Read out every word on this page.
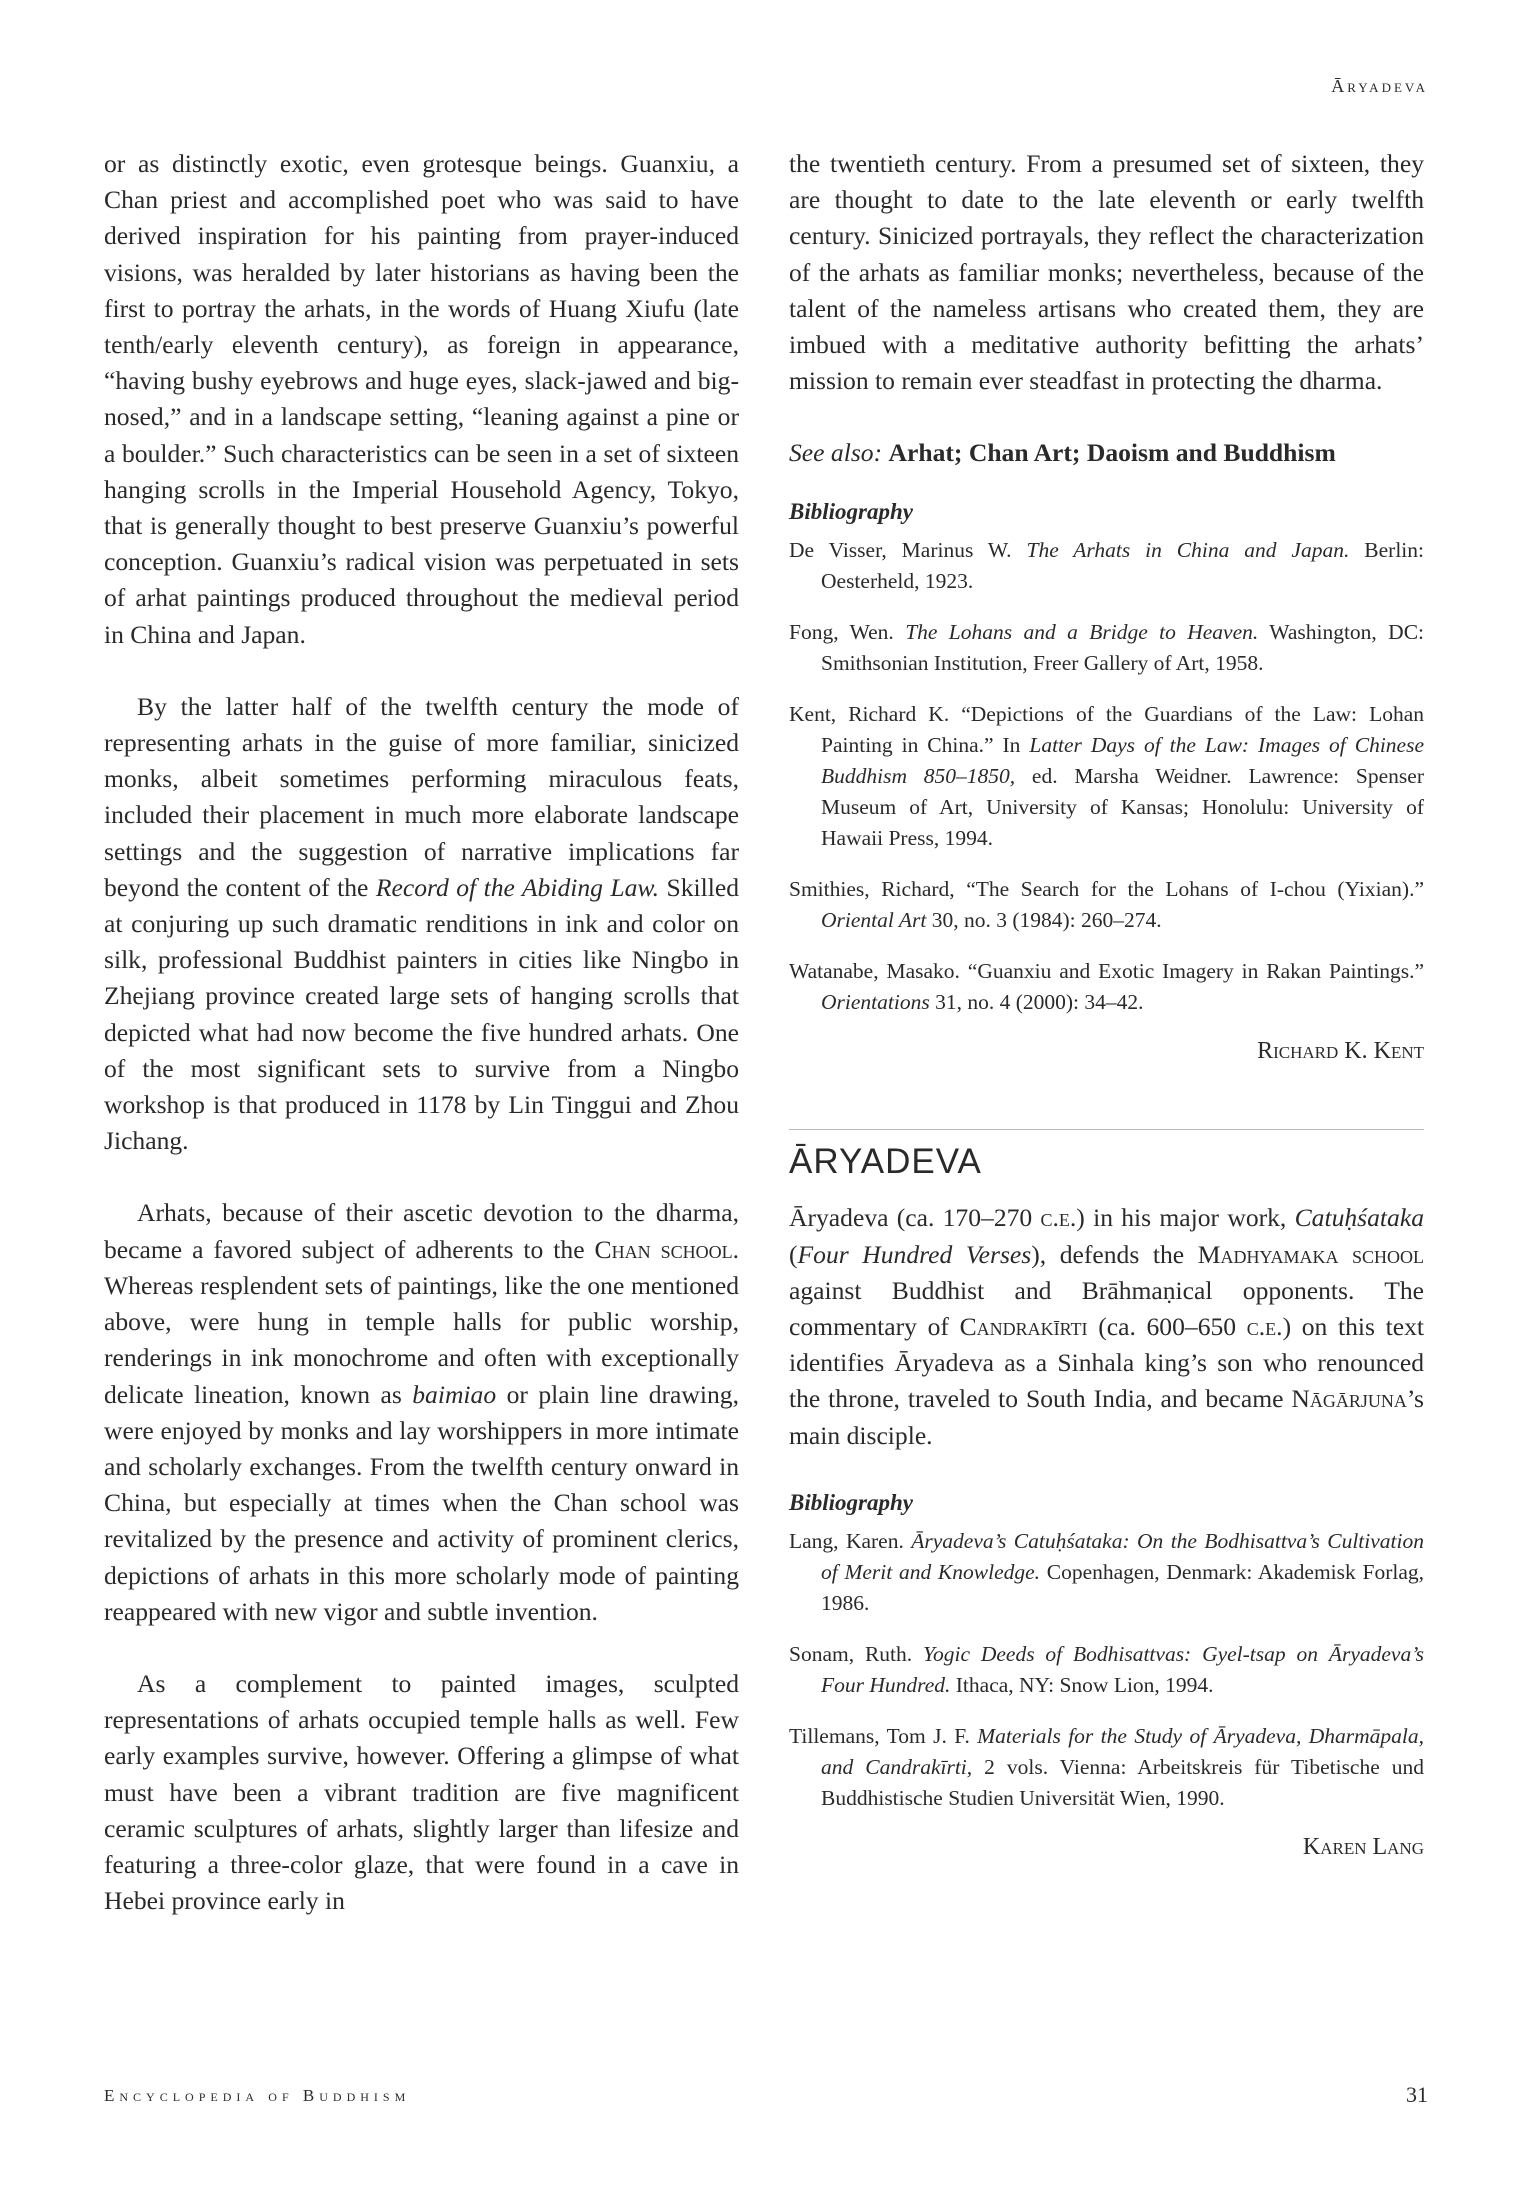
Āryadeva

or as distinctly exotic, even grotesque beings. Guanxiu, a Chan priest and accomplished poet who was said to have derived inspiration for his painting from prayer-induced visions, was heralded by later historians as having been the first to portray the arhats, in the words of Huang Xiufu (late tenth/early eleventh century), as foreign in appearance, “having bushy eyebrows and huge eyes, slack-jawed and big-nosed,” and in a landscape setting, “leaning against a pine or a boulder.” Such characteristics can be seen in a set of sixteen hanging scrolls in the Imperial Household Agency, Tokyo, that is generally thought to best preserve Guanxiu’s powerful conception. Guanxiu’s radical vision was perpetuated in sets of arhat paintings produced throughout the medieval period in China and Japan.

By the latter half of the twelfth century the mode of representing arhats in the guise of more familiar, sinicized monks, albeit sometimes performing miraculous feats, included their placement in much more elaborate landscape settings and the suggestion of narrative implications far beyond the content of the Record of the Abiding Law. Skilled at conjuring up such dramatic renditions in ink and color on silk, professional Buddhist painters in cities like Ningbo in Zhejiang province created large sets of hanging scrolls that depicted what had now become the five hundred arhats. One of the most significant sets to survive from a Ningbo workshop is that produced in 1178 by Lin Tinggui and Zhou Jichang.

Arhats, because of their ascetic devotion to the dharma, became a favored subject of adherents to the Chan school. Whereas resplendent sets of paintings, like the one mentioned above, were hung in temple halls for public worship, renderings in ink monochrome and often with exceptionally delicate lineation, known as baimiao or plain line drawing, were enjoyed by monks and lay worshippers in more intimate and scholarly exchanges. From the twelfth century onward in China, but especially at times when the Chan school was revitalized by the presence and activity of prominent clerics, depictions of arhats in this more scholarly mode of painting reappeared with new vigor and subtle invention.

As a complement to painted images, sculpted representations of arhats occupied temple halls as well. Few early examples survive, however. Offering a glimpse of what must have been a vibrant tradition are five magnificent ceramic sculptures of arhats, slightly larger than lifesize and featuring a three-color glaze, that were found in a cave in Hebei province early in

the twentieth century. From a presumed set of sixteen, they are thought to date to the late eleventh or early twelfth century. Sinicized portrayals, they reflect the characterization of the arhats as familiar monks; nevertheless, because of the talent of the nameless artisans who created them, they are imbued with a meditative authority befitting the arhats’ mission to remain ever steadfast in protecting the dharma.

See also: Arhat; Chan Art; Daoism and Buddhism
Bibliography

De Visser, Marinus W. The Arhats in China and Japan. Berlin: Oesterheld, 1923.

Fong, Wen. The Lohans and a Bridge to Heaven. Washington, DC: Smithsonian Institution, Freer Gallery of Art, 1958.

Kent, Richard K. “Depictions of the Guardians of the Law: Lohan Painting in China.” In Latter Days of the Law: Images of Chinese Buddhism 850–1850, ed. Marsha Weidner. Lawrence: Spenser Museum of Art, University of Kansas; Honolulu: University of Hawaii Press, 1994.

Smithies, Richard, “The Search for the Lohans of I-chou (Yixian).” Oriental Art 30, no. 3 (1984): 260–274.

Watanabe, Masako. “Guanxiu and Exotic Imagery in Rakan Paintings.” Orientations 31, no. 4 (2000): 34–42.

Richard K. Kent
ĀRYADEVA

Āryadeva (ca. 170–270 c.e.) in his major work, Catuḥśataka (Four Hundred Verses), defends the Madhyamaka school against Buddhist and Brāhmaṇical opponents. The commentary of Candrakīrti (ca. 600–650 c.e.) on this text identifies Āryadeva as a Sinhala king’s son who renounced the throne, traveled to South India, and became Nāgārjuna’s main disciple.

Bibliography

Lang, Karen. Āryadeva’s Catuḥśataka: On the Bodhisattva’s Cultivation of Merit and Knowledge. Copenhagen, Denmark: Akademisk Forlag, 1986.

Sonam, Ruth. Yogic Deeds of Bodhisattvas: Gyel-tsap on Āryadeva’s Four Hundred. Ithaca, NY: Snow Lion, 1994.

Tillemans, Tom J. F. Materials for the Study of Āryadeva, Dharmāpala, and Candrakīrti, 2 vols. Vienna: Arbeitskreis für Tibetische und Buddhistische Studien Universität Wien, 1990.

Karen Lang
Encyclopedia of Buddhism	31
